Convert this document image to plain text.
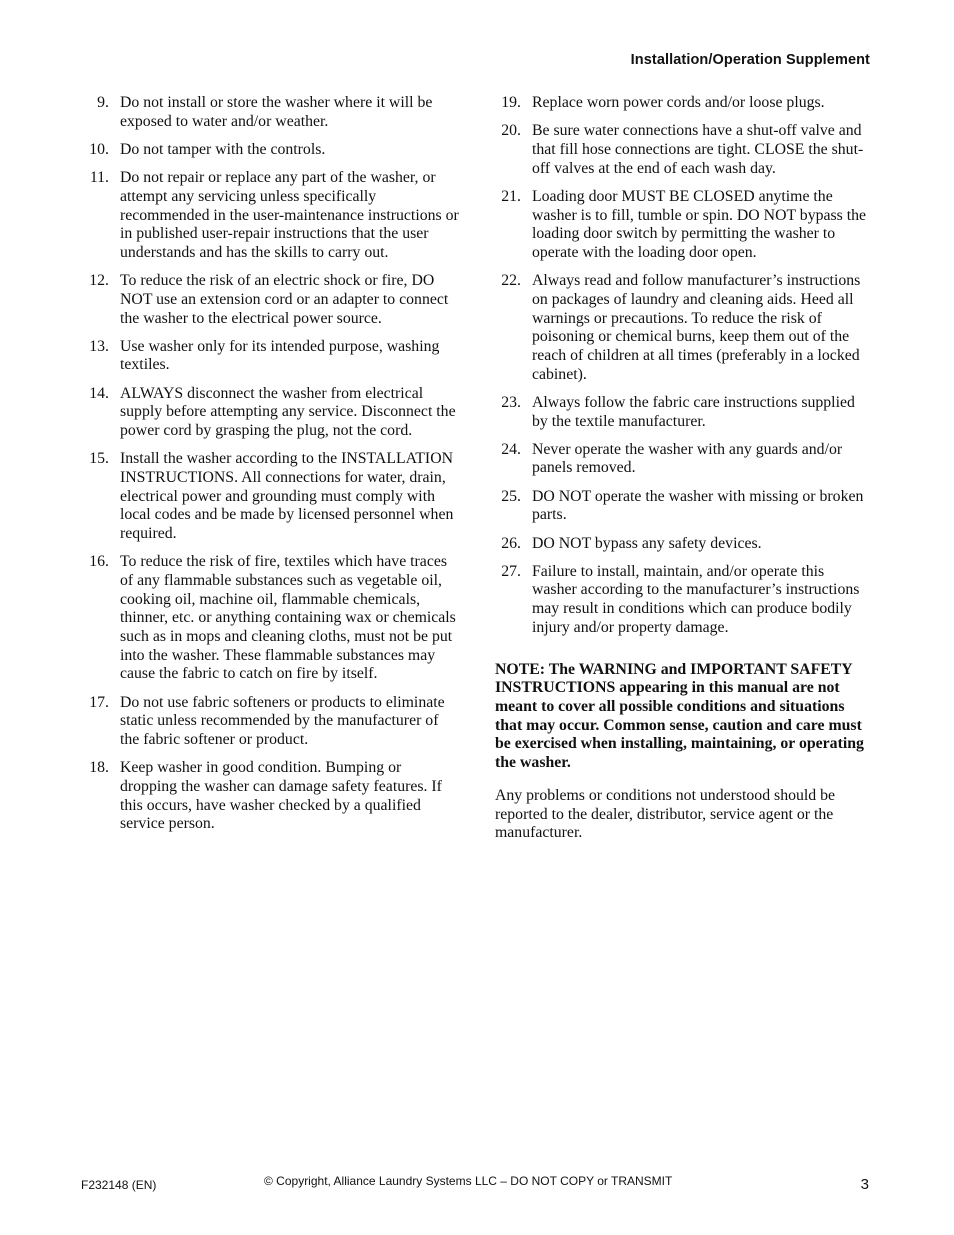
Installation/Operation Supplement
9. Do not install or store the washer where it will be exposed to water and/or weather.
10. Do not tamper with the controls.
11. Do not repair or replace any part of the washer, or attempt any servicing unless specifically recommended in the user-maintenance instructions or in published user-repair instructions that the user understands and has the skills to carry out.
12. To reduce the risk of an electric shock or fire, DO NOT use an extension cord or an adapter to connect the washer to the electrical power source.
13. Use washer only for its intended purpose, washing textiles.
14. ALWAYS disconnect the washer from electrical supply before attempting any service. Disconnect the power cord by grasping the plug, not the cord.
15. Install the washer according to the INSTALLATION INSTRUCTIONS. All connections for water, drain, electrical power and grounding must comply with local codes and be made by licensed personnel when required.
16. To reduce the risk of fire, textiles which have traces of any flammable substances such as vegetable oil, cooking oil, machine oil, flammable chemicals, thinner, etc. or anything containing wax or chemicals such as in mops and cleaning cloths, must not be put into the washer. These flammable substances may cause the fabric to catch on fire by itself.
17. Do not use fabric softeners or products to eliminate static unless recommended by the manufacturer of the fabric softener or product.
18. Keep washer in good condition. Bumping or dropping the washer can damage safety features. If this occurs, have washer checked by a qualified service person.
19. Replace worn power cords and/or loose plugs.
20. Be sure water connections have a shut-off valve and that fill hose connections are tight. CLOSE the shut-off valves at the end of each wash day.
21. Loading door MUST BE CLOSED anytime the washer is to fill, tumble or spin. DO NOT bypass the loading door switch by permitting the washer to operate with the loading door open.
22. Always read and follow manufacturer’s instructions on packages of laundry and cleaning aids. Heed all warnings or precautions. To reduce the risk of poisoning or chemical burns, keep them out of the reach of children at all times (preferably in a locked cabinet).
23. Always follow the fabric care instructions supplied by the textile manufacturer.
24. Never operate the washer with any guards and/or panels removed.
25. DO NOT operate the washer with missing or broken parts.
26. DO NOT bypass any safety devices.
27. Failure to install, maintain, and/or operate this washer according to the manufacturer’s instructions may result in conditions which can produce bodily injury and/or property damage.

NOTE: The WARNING and IMPORTANT SAFETY INSTRUCTIONS appearing in this manual are not meant to cover all possible conditions and situations that may occur. Common sense, caution and care must be exercised when installing, maintaining, or operating the washer.

Any problems or conditions not understood should be reported to the dealer, distributor, service agent or the manufacturer.

F232148 (EN)	© Copyright, Alliance Laundry Systems LLC – DO NOT COPY or TRANSMIT	3
